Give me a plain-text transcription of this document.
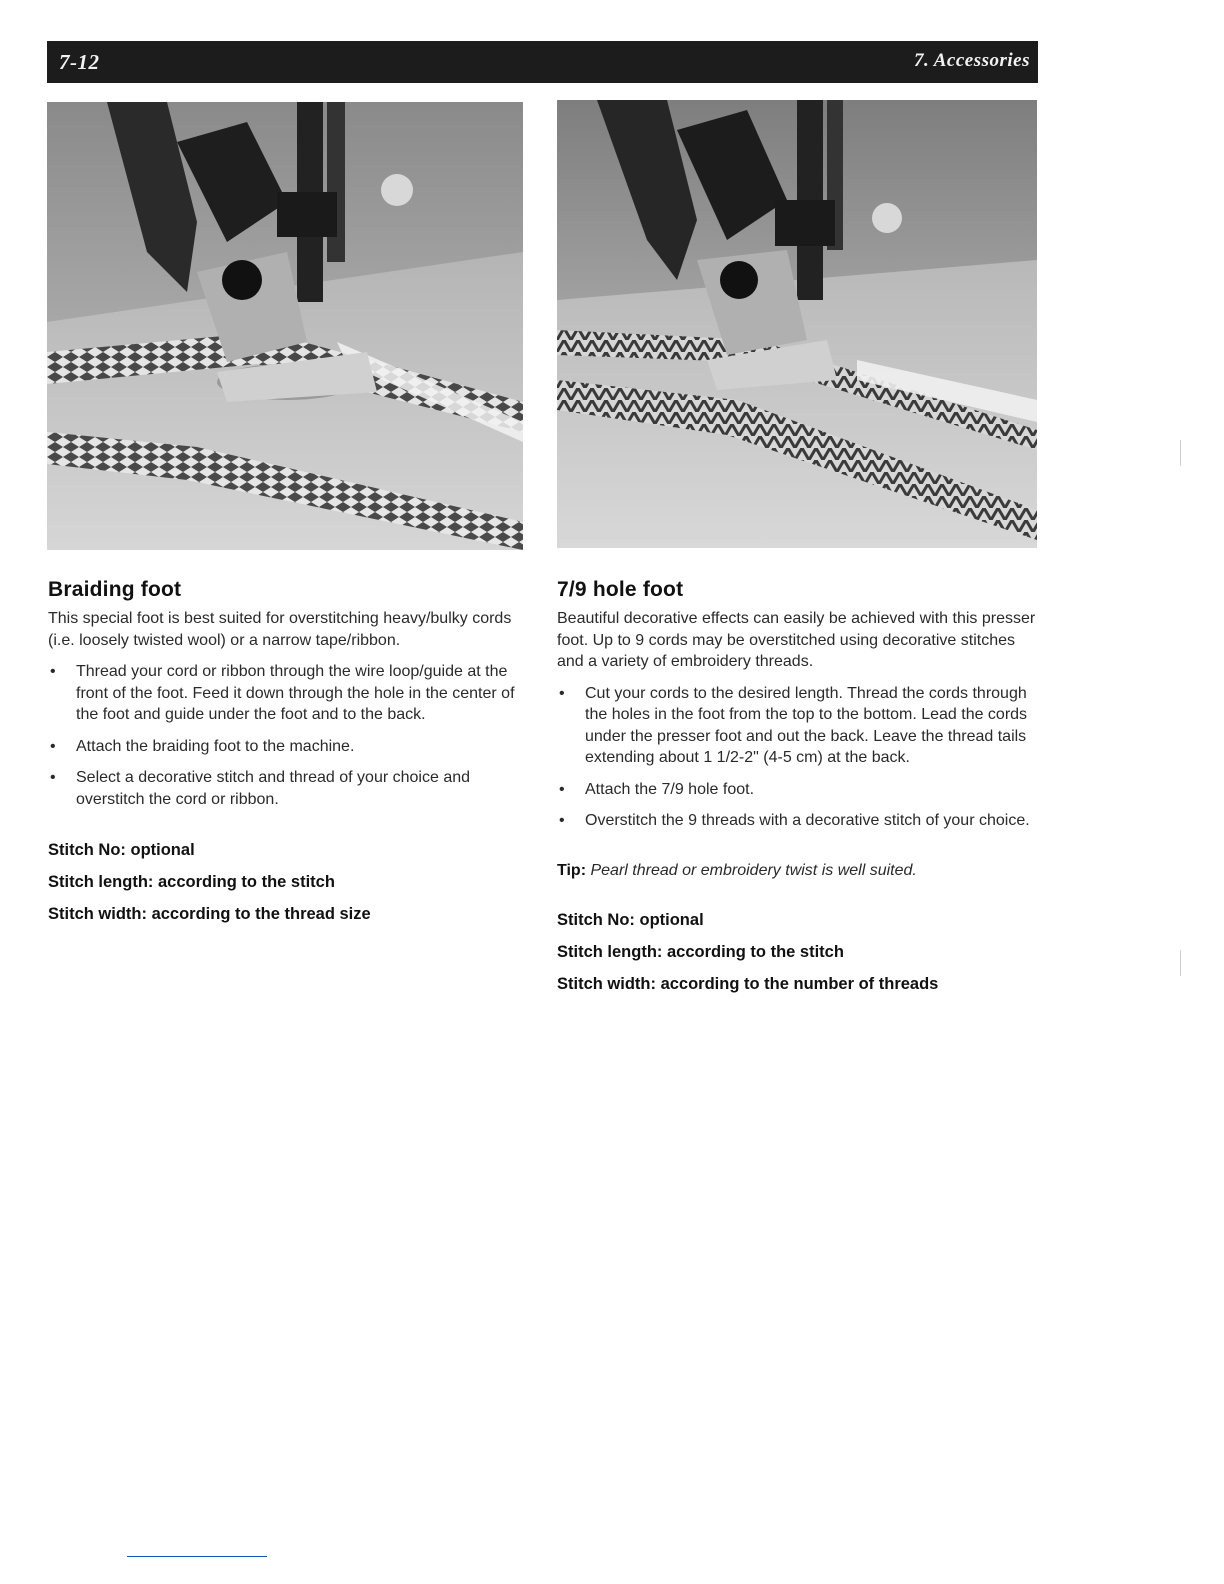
7-12	7. Accessories
Braiding foot

This special foot is best suited for overstitching heavy/bulky cords (i.e. loosely twisted wool) or a narrow tape/ribbon.

• Thread your cord or ribbon through the wire loop/guide at the front of the foot. Feed it down through the hole in the center of the foot and guide under the foot and to the back.
• Attach the braiding foot to the machine.
• Select a decorative stitch and thread of your choice and overstitch the cord or ribbon.
Stitch No: optional
Stitch length: according to the stitch
Stitch width: according to the thread size
7/9 hole foot

Beautiful decorative effects can easily be achieved with this presser foot. Up to 9 cords may be overstitched using decorative stitches and a variety of embroidery threads.

• Cut your cords to the desired length. Thread the cords through the holes in the foot from the top to the bottom. Lead the cords under the presser foot and out the back. Leave the thread tails extending about 1 1/2-2" (4-5 cm) at the back.
• Attach the 7/9 hole foot.
• Overstitch the 9 threads with a decorative stitch of your choice.
Tip: Pearl thread or embroidery twist is well suited.
Stitch No: optional
Stitch length: according to the stitch
Stitch width: according to the number of threads
